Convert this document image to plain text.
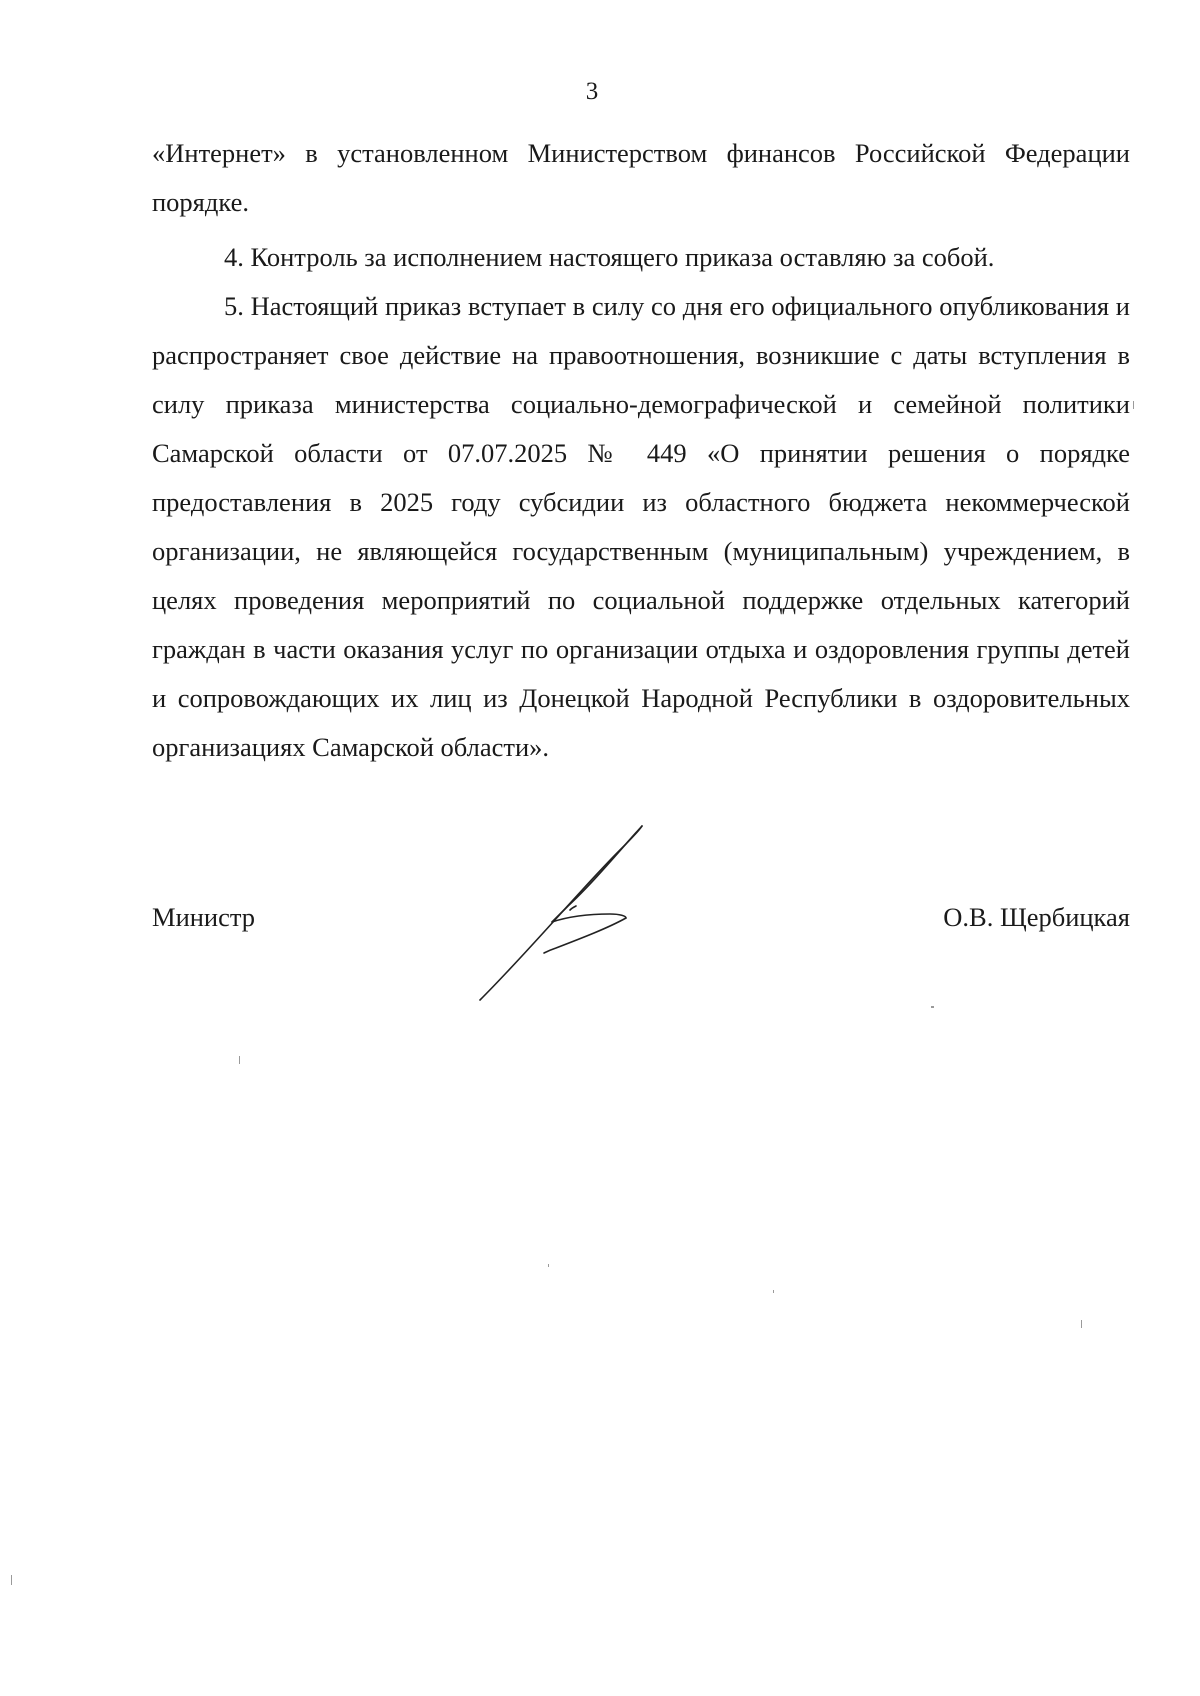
3
«Интернет» в установленном Министерством финансов Российской Федерации
порядке.
4. Контроль за исполнением настоящего приказа оставляю за собой.
5. Настоящий приказ вступает в силу со дня его официального опубликования и распространяет свое действие на правоотношения, возникшие с даты вступления в силу приказа министерства социально-демографической и семейной политики Самарской области от 07.07.2025 № 449 «О принятии решения о порядке предоставления в 2025 году субсидии из областного бюджета некоммерческой организации, не являющейся государственным (муниципальным) учреждением, в целях проведения мероприятий по социальной поддержке отдельных категорий граждан в части оказания услуг по организации отдыха и оздоровления группы детей и сопровождающих их лиц из Донецкой Народной Республики в оздоровительных организациях Самарской области».
Министр	О.В. Щербицкая
